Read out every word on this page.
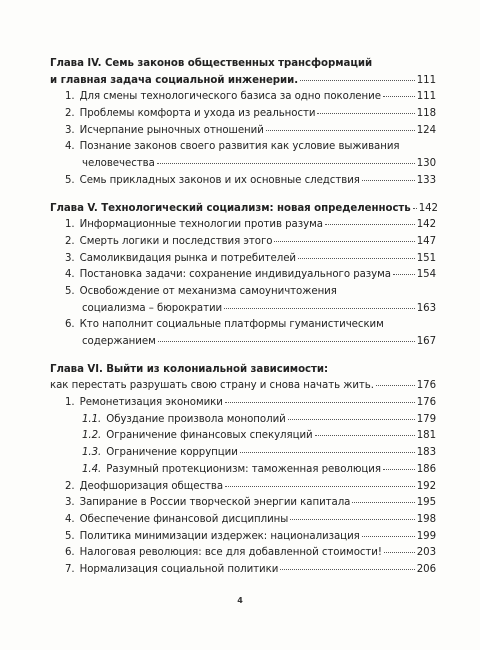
Глава IV. Семь законов общественных трансформаций
и главная задача социальной инженерии.	111
1. Для смены технологического базиса за одно поколение	111
2. Проблемы комфорта и ухода из реальности	118
3. Исчерпание рыночных отношений	124
4. Познание законов своего развития как условие выживания
человечества	130
5. Семь прикладных законов и их основные следствия	133
Глава V. Технологический социализм: новая определенность 142
1. Информационные технологии против разума	142
2. Смерть логики и последствия этого	147
3. Самоликвидация рынка и потребителей	151
4. Постановка задачи: сохранение индивидуального разума	154
5. Освобождение от механизма самоуничтожения
социализма – бюрократии	163
6. Кто наполнит социальные платформы гуманистическим
содержанием	167
Глава VI. Выйти из колониальной зависимости:
как перестать разрушать свою страну и снова начать жить.	176
1. Ремонетизация экономики	176
1.1. Обуздание произвола монополий	179
1.2. Ограничение финансовых спекуляций	181
1.3. Ограничение коррупции	183
1.4. Разумный протекционизм: таможенная революция	186
2. Деофшоризация общества	192
3. Запирание в России творческой энергии капитала	195
4. Обеспечение финансовой дисциплины	198
5. Политика минимизации издержек: национализация	199
6. Налоговая революция: все для добавленной стоимости!	203
7. Нормализация социальной политики	206
4
